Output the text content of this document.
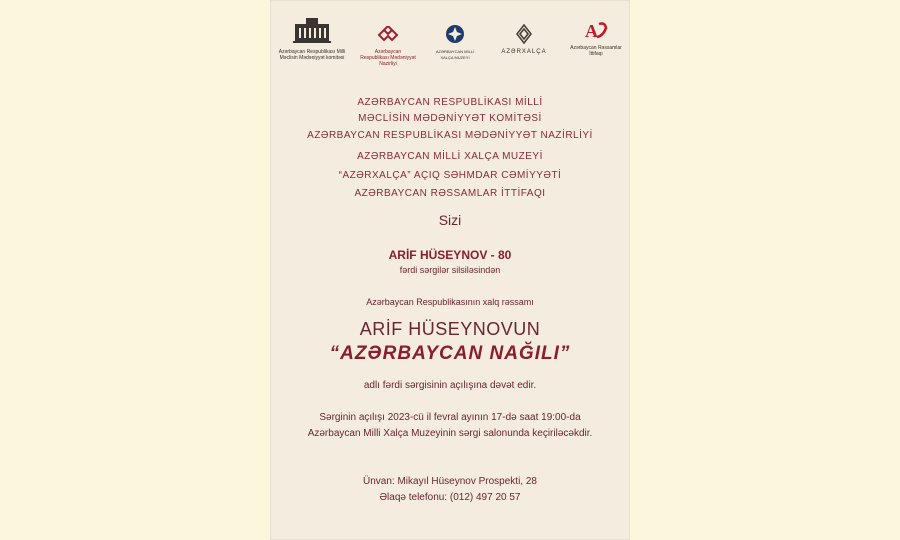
Azərbaycan Respublikası Milli Məclisin Mədəniyyət komitəsi
Azərbaycan Respublikası Mədəniyyət Nazirliyi
AZƏRBAYCAN MİLLİ XALÇA MUZEYİ
AZƏRXALÇA
A
Azərbaycan Rəssamlar İttifaqı
AZƏRBAYCAN RESPUBLİKASI MİLLİ
MƏCLİSİN MƏDƏNİYYƏT KOMİTƏSİ
AZƏRBAYCAN RESPUBLİKASI MƏDƏNİYYƏT NAZİRLİYİ
AZƏRBAYCAN MİLLİ XALÇA MUZEYİ
“AZƏRXALÇA” AÇIQ SƏHMDAR CƏMİYYƏTİ
AZƏRBAYCAN RƏSSAMLAR İTTİFAQI
Sizi
ARİF HÜSEYNOV - 80
fərdi sərgilər silsiləsindən
Azərbaycan Respublikasının xalq rəssamı
ARİF HÜSEYNOVUN
“AZƏRBAYCAN NAĞILI”
adlı fərdi sərgisinin açılışına dəvət edir.
Sərginin açılışı 2023-cü il fevral ayının 17-də saat 19:00-da
Azərbaycan Milli Xalça Muzeyinin sərgi salonunda keçiriləcəkdir.
Ünvan: Mikayıl Hüseynov Prospekti, 28
Əlaqə telefonu: (012) 497 20 57
